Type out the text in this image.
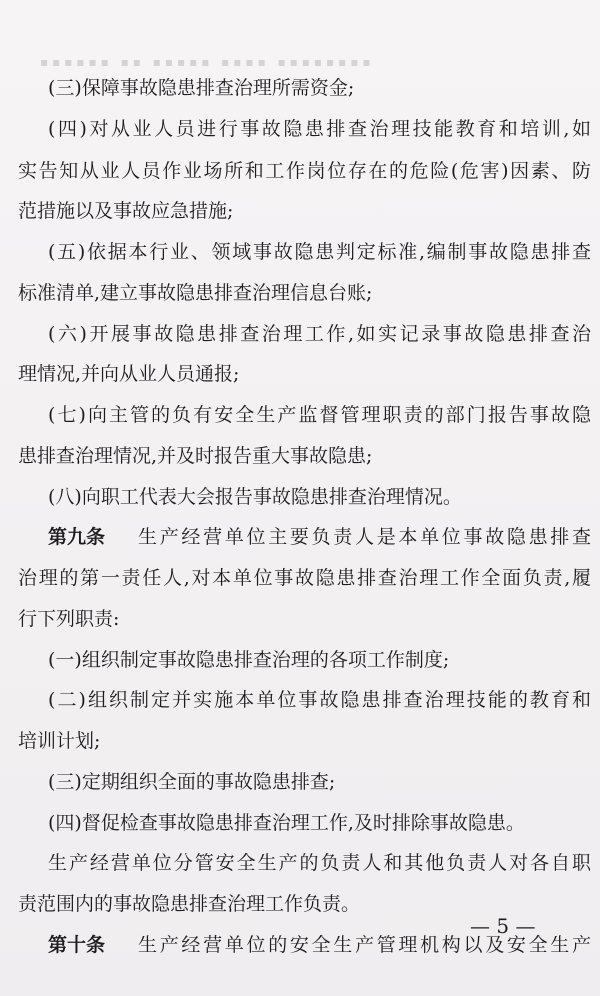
▪▪▪▪▪▪ ▪▪ ▪▪▪▪▪ ▪▪▪▪ ▪▪▪▪▪▪▪▪
(三)保障事故隐患排查治理所需资金;
(四)对从业人员进行事故隐患排查治理技能教育和培训,如
实告知从业人员作业场所和工作岗位存在的危险(危害)因素、防
范措施以及事故应急措施;
(五)依据本行业、领域事故隐患判定标准,编制事故隐患排查
标准清单,建立事故隐患排查治理信息台账;
(六)开展事故隐患排查治理工作,如实记录事故隐患排查治
理情况,并向从业人员通报;
(七)向主管的负有安全生产监督管理职责的部门报告事故隐
患排查治理情况,并及时报告重大事故隐患;
(八)向职工代表大会报告事故隐患排查治理情况。
第九条	生产经营单位主要负责人是本单位事故隐患排查
治理的第一责任人,对本单位事故隐患排查治理工作全面负责,履
行下列职责:
(一)组织制定事故隐患排查治理的各项工作制度;
(二)组织制定并实施本单位事故隐患排查治理技能的教育和
培训计划;
(三)定期组织全面的事故隐患排查;
(四)督促检查事故隐患排查治理工作,及时排除事故隐患。
生产经营单位分管安全生产的负责人和其他负责人对各自职
责范围内的事故隐患排查治理工作负责。
第十条	生产经营单位的安全生产管理机构以及安全生产
— 5 —
